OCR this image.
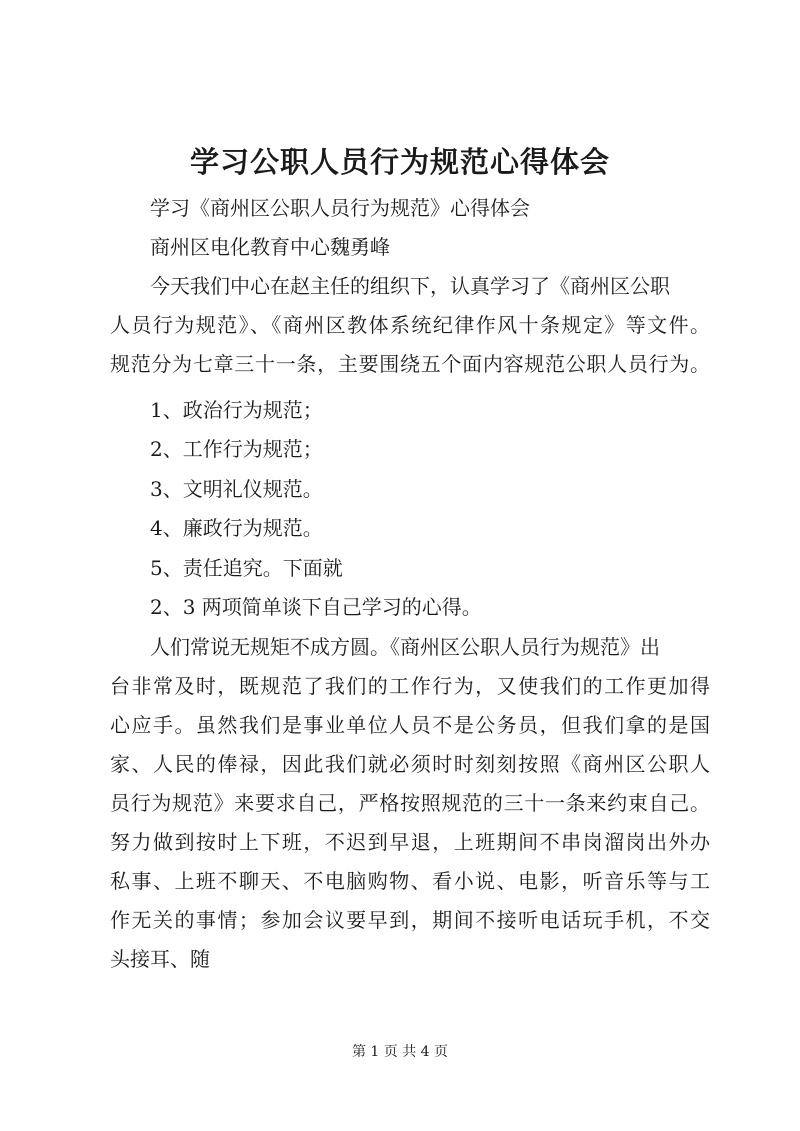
学习公职人员行为规范心得体会
学习《商州区公职人员行为规范》心得体会
商州区电化教育中心魏勇峰
今天我们中心在赵主任的组织下，认真学习了《商州区公职
人员行为规范》、《商州区教体系统纪律作风十条规定》等文件。
规范分为七章三十一条，主要围绕五个面内容规范公职人员行为。
1、政治行为规范；
2、工作行为规范；
3、文明礼仪规范。
4、廉政行为规范。
5、责任追究。下面就
2、3 两项简单谈下自己学习的心得。
人们常说无规矩不成方圆。《商州区公职人员行为规范》出
台非常及时，既规范了我们的工作行为，又使我们的工作更加得
心应手。虽然我们是事业单位人员不是公务员，但我们拿的是国
家、人民的俸禄，因此我们就必须时时刻刻按照《商州区公职人
员行为规范》来要求自己，严格按照规范的三十一条来约束自己。
努力做到按时上下班，不迟到早退，上班期间不串岗溜岗出外办
私事、上班不聊天、不电脑购物、看小说、电影，听音乐等与工
作无关的事情；参加会议要早到，期间不接听电话玩手机，不交
头接耳、随
第 1 页 共 4 页
